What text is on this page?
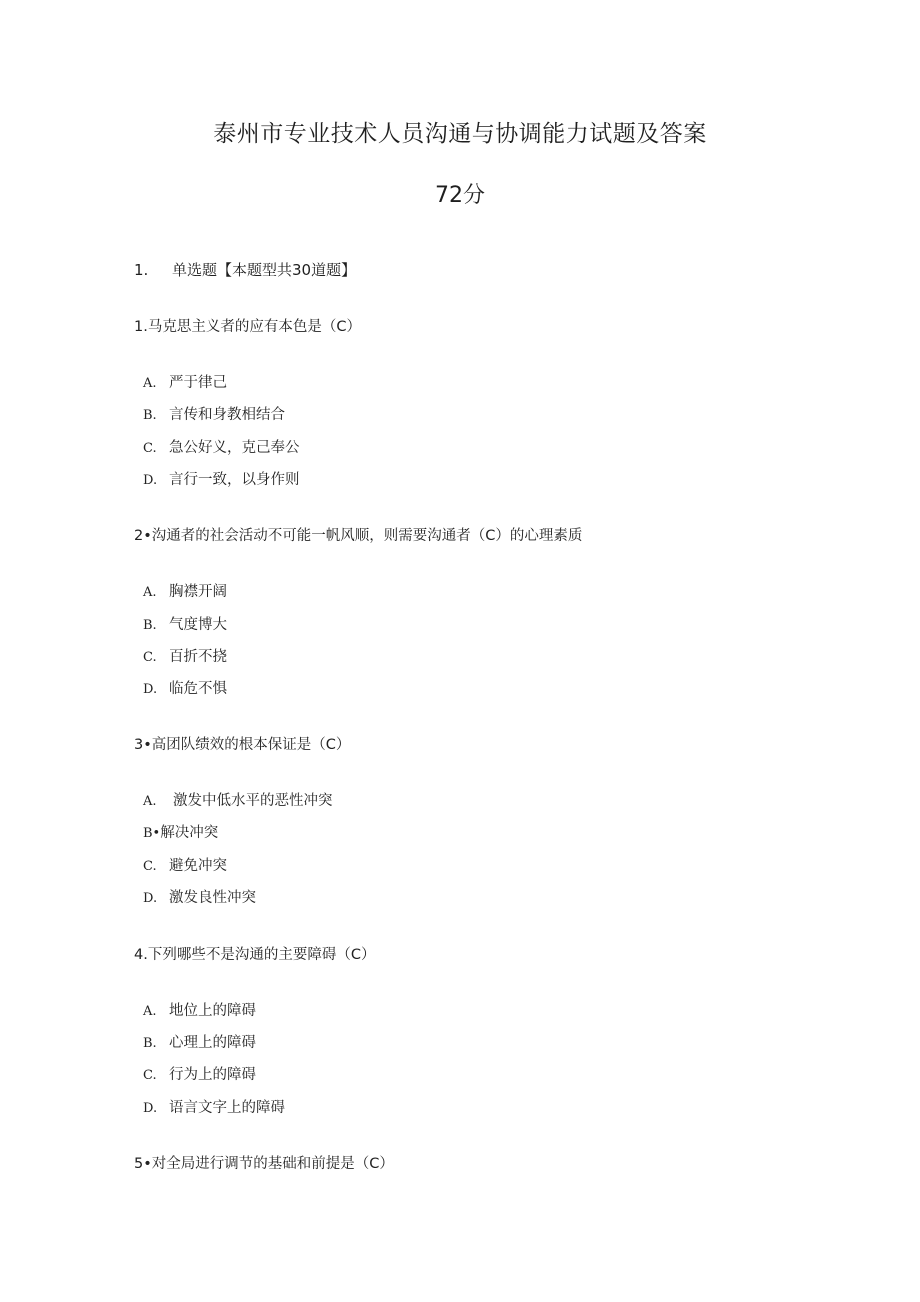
泰州市专业技术人员沟通与协调能力试题及答案
72分
1. 单选题【本题型共30道题】
1.马克思主义者的应有本色是（C）
A. 严于律己
B. 言传和身教相结合
C. 急公好义，克己奉公
D. 言行一致，以身作则
2•沟通者的社会活动不可能一帆风顺，则需要沟通者（C）的心理素质
A. 胸襟开阔
B. 气度博大
C. 百折不挠
D. 临危不惧
3•高团队绩效的根本保证是（C）
A. 激发中低水平的恶性冲突
B•解决冲突
C. 避免冲突
D. 激发良性冲突
4.下列哪些不是沟通的主要障碍（C）
A. 地位上的障碍
B. 心理上的障碍
C. 行为上的障碍
D. 语言文字上的障碍
5•对全局进行调节的基础和前提是（C）
